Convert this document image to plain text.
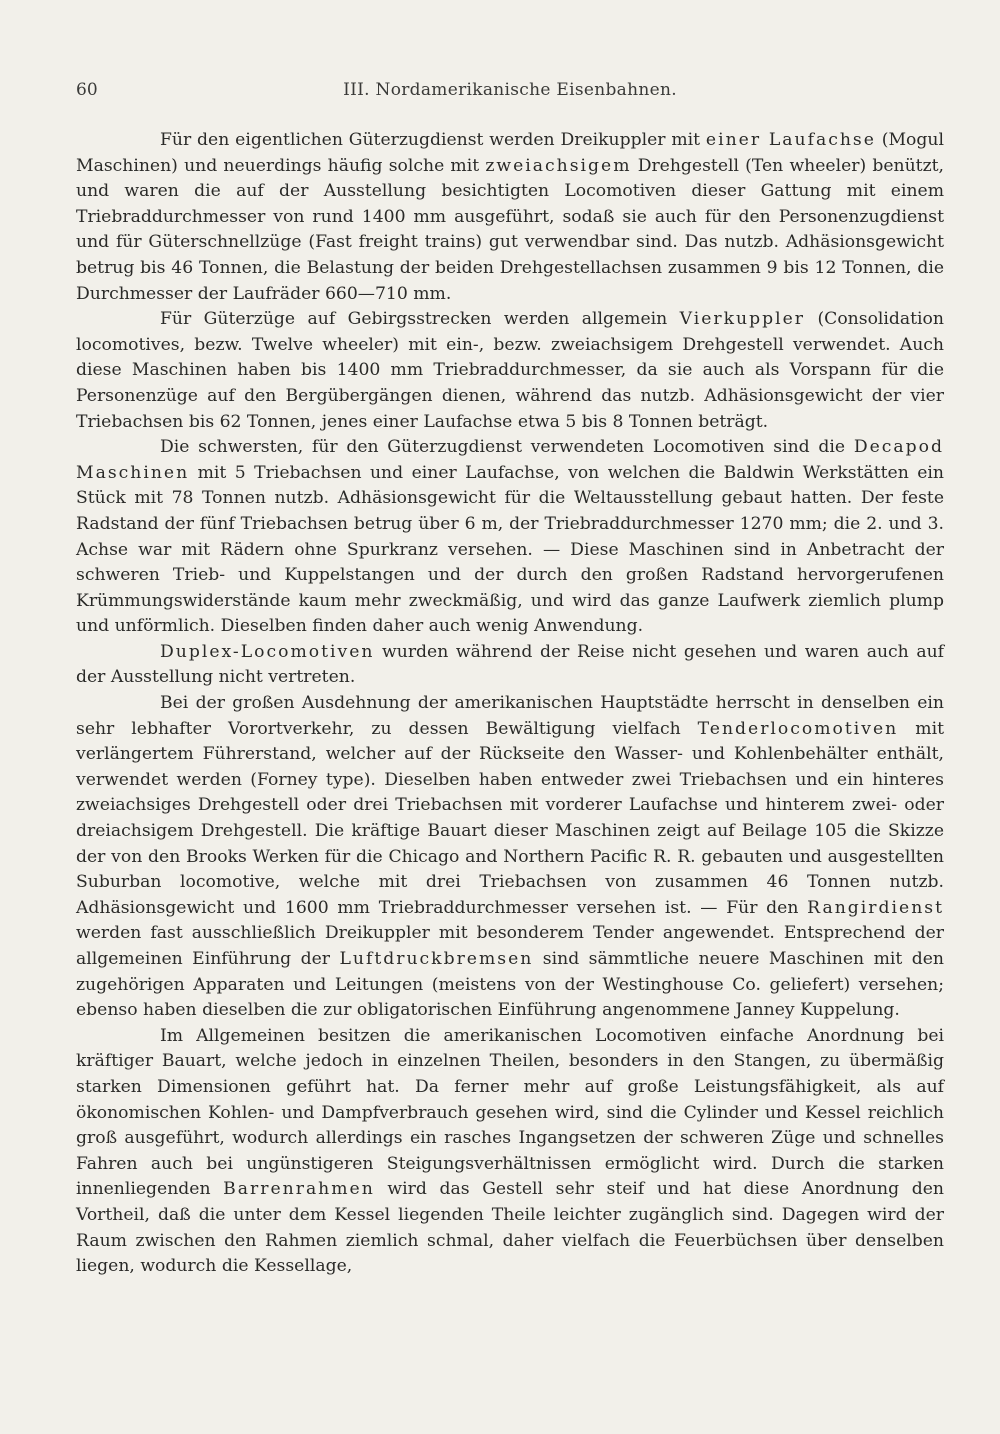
60	III. Nordamerikanische Eisenbahnen.

Für den eigentlichen Güterzugdienst werden Dreikuppler mit einer Laufachse (Mogul Maschinen) und neuerdings häufig solche mit zweiachsigem Drehgestell (Ten wheeler) benützt, und waren die auf der Ausstellung besichtigten Locomotiven dieser Gattung mit einem Triebraddurchmesser von rund 1400 mm ausgeführt, sodaß sie auch für den Personenzugdienst und für Güterschnellzüge (Fast freight trains) gut verwendbar sind. Das nutzb. Adhäsionsgewicht betrug bis 46 Tonnen, die Belastung der beiden Drehgestellachsen zusammen 9 bis 12 Tonnen, die Durchmesser der Laufräder 660—710 mm.

Für Güterzüge auf Gebirgsstrecken werden allgemein Vierkuppler (Consolidation locomotives, bezw. Twelve wheeler) mit ein-, bezw. zweiachsigem Drehgestell verwendet. Auch diese Maschinen haben bis 1400 mm Triebraddurchmesser, da sie auch als Vorspann für die Personenzüge auf den Bergübergängen dienen, während das nutzb. Adhäsionsgewicht der vier Triebachsen bis 62 Tonnen, jenes einer Laufachse etwa 5 bis 8 Tonnen beträgt.

Die schwersten, für den Güterzugdienst verwendeten Locomotiven sind die Decapod Maschinen mit 5 Triebachsen und einer Laufachse, von welchen die Baldwin Werkstätten ein Stück mit 78 Tonnen nutzb. Adhäsionsgewicht für die Weltausstellung gebaut hatten. Der feste Radstand der fünf Triebachsen betrug über 6 m, der Triebraddurchmesser 1270 mm; die 2. und 3. Achse war mit Rädern ohne Spurkranz versehen. — Diese Maschinen sind in Anbetracht der schweren Trieb- und Kuppelstangen und der durch den großen Radstand hervorgerufenen Krümmungswiderstände kaum mehr zweckmäßig, und wird das ganze Laufwerk ziemlich plump und unförmlich. Dieselben finden daher auch wenig Anwendung.

Duplex-Locomotiven wurden während der Reise nicht gesehen und waren auch auf der Ausstellung nicht vertreten.

Bei der großen Ausdehnung der amerikanischen Hauptstädte herrscht in denselben ein sehr lebhafter Vorortverkehr, zu dessen Bewältigung vielfach Tenderlocomotiven mit verlängertem Führerstand, welcher auf der Rückseite den Wasser- und Kohlenbehälter enthält, verwendet werden (Forney type). Dieselben haben entweder zwei Triebachsen und ein hinteres zweiachsiges Drehgestell oder drei Triebachsen mit vorderer Laufachse und hinterem zwei- oder dreiachsigem Drehgestell. Die kräftige Bauart dieser Maschinen zeigt auf Beilage 105 die Skizze der von den Brooks Werken für die Chicago and Northern Pacific R. R. gebauten und ausgestellten Suburban locomotive, welche mit drei Triebachsen von zusammen 46 Tonnen nutzb. Adhäsionsgewicht und 1600 mm Triebraddurchmesser versehen ist. — Für den Rangirdienst werden fast ausschließlich Dreikuppler mit besonderem Tender angewendet. Entsprechend der allgemeinen Einführung der Luftdruckbremsen sind sämmtliche neuere Maschinen mit den zugehörigen Apparaten und Leitungen (meistens von der Westinghouse Co. geliefert) versehen; ebenso haben dieselben die zur obligatorischen Einführung angenommene Janney Kuppelung.

Im Allgemeinen besitzen die amerikanischen Locomotiven einfache Anordnung bei kräftiger Bauart, welche jedoch in einzelnen Theilen, besonders in den Stangen, zu übermäßig starken Dimensionen geführt hat. Da ferner mehr auf große Leistungsfähigkeit, als auf ökonomischen Kohlen- und Dampfverbrauch gesehen wird, sind die Cylinder und Kessel reichlich groß ausgeführt, wodurch allerdings ein rasches Ingangsetzen der schweren Züge und schnelles Fahren auch bei ungünstigeren Steigungsverhältnissen ermöglicht wird. Durch die starken innenliegenden Barrenrahmen wird das Gestell sehr steif und hat diese Anordnung den Vortheil, daß die unter dem Kessel liegenden Theile leichter zugänglich sind. Dagegen wird der Raum zwischen den Rahmen ziemlich schmal, daher vielfach die Feuerbüchsen über denselben liegen, wodurch die Kessellage,
